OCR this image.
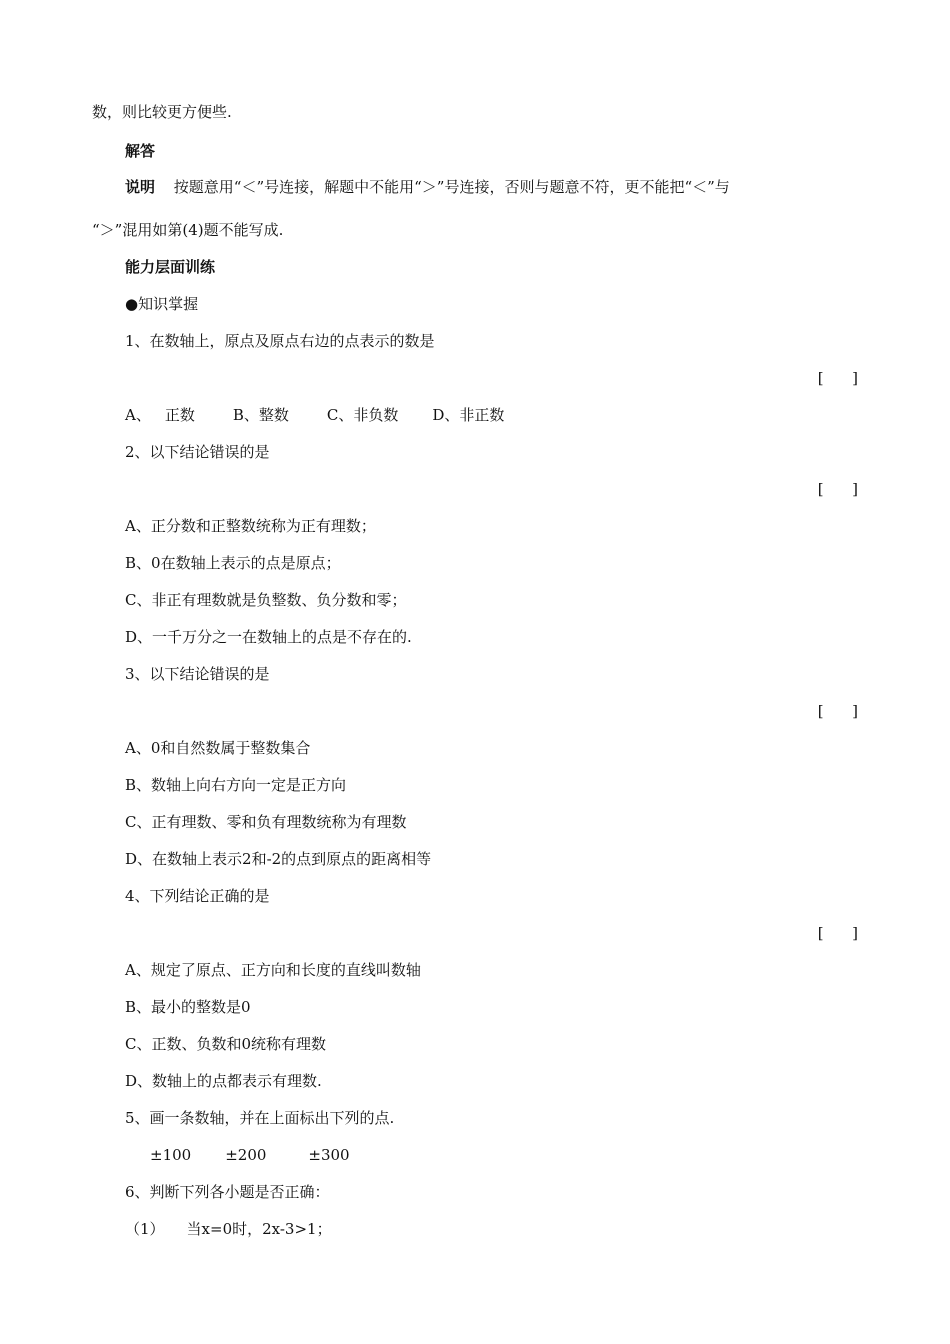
数，则比较更方便些.
解答
说明 按题意用“＜”号连接，解题中不能用“＞”号连接，否则与题意不符，更不能把“＜”与
“＞”混用如第(4)题不能写成.
能力层面训练
●知识掌握
1、在数轴上，原点及原点右边的点表示的数是
[      ]
A、 正数	B、整数	C、非负数 D、非正数
2、以下结论错误的是
[      ]
A、正分数和正整数统称为正有理数；
B、0在数轴上表示的点是原点；
C、非正有理数就是负整数、负分数和零；
D、一千万分之一在数轴上的点是不存在的.
3、以下结论错误的是
[      ]
A、0和自然数属于整数集合
B、数轴上向右方向一定是正方向
C、正有理数、零和负有理数统称为有理数
D、在数轴上表示2和-2的点到原点的距离相等
4、下列结论正确的是
[      ]
A、规定了原点、正方向和长度的直线叫数轴
B、最小的整数是0
C、正数、负数和0统称有理数
D、数轴上的点都表示有理数.
5、画一条数轴，并在上面标出下列的点.
±100 ±200	±300
6、判断下列各小题是否正确：
（1） 当x=0时，2x-3>1；
